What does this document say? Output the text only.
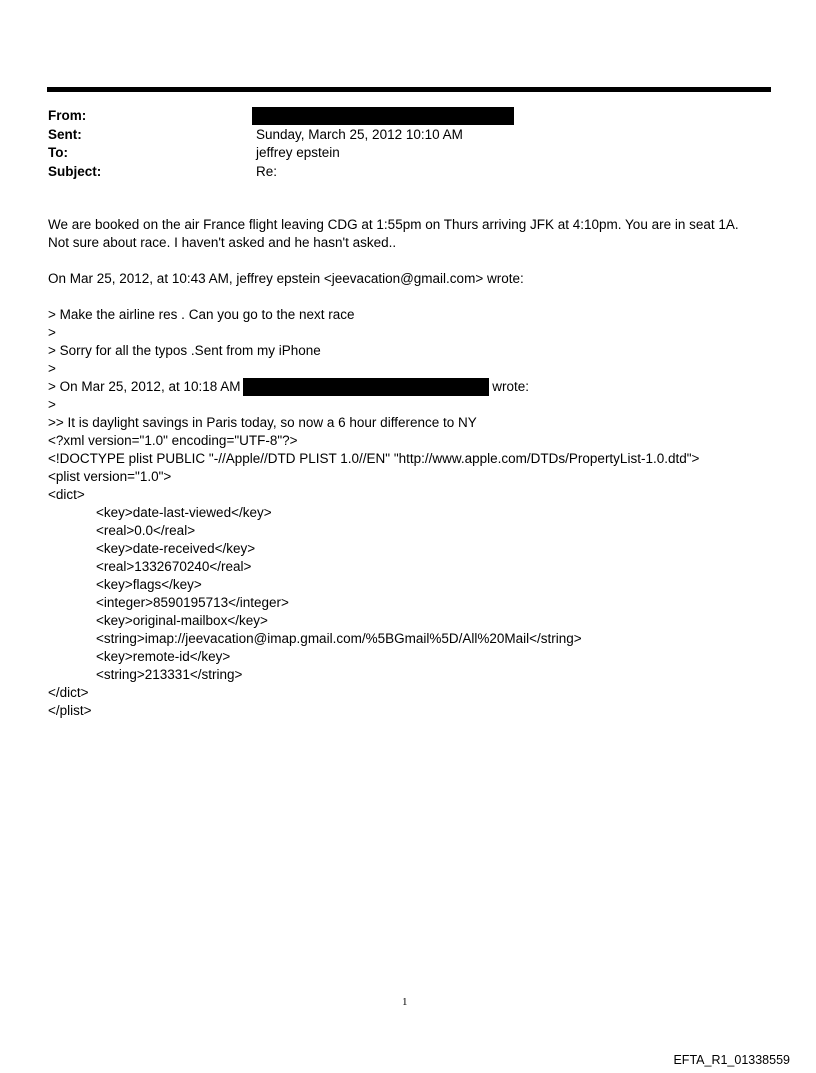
From:
Sent:	Sunday, March 25, 2012 10:10 AM
To:	jeffrey epstein
Subject:	Re:

We are booked on the air France flight leaving CDG at 1:55pm on Thurs arriving JFK at 4:10pm. You are in seat 1A.

Not sure about race. I haven't asked and he hasn't asked..

On Mar 25, 2012, at 10:43 AM, jeffrey epstein <jeevacation@gmail.com> wrote:

> Make the airline res . Can you go to the next race

>

> Sorry for all the typos .Sent from my iPhone

>

> On Mar 25, 2012, at 10:18 AM	wrote:

>

>> It is daylight savings in Paris today, so now a 6 hour difference to NY

<?xml version="1.0" encoding="UTF-8"?>

<!DOCTYPE plist PUBLIC "-//Apple//DTD PLIST 1.0//EN" "http://www.apple.com/DTDs/PropertyList-1.0.dtd">

<plist version="1.0">

<dict>

<key>date-last-viewed</key>

<real>0.0</real>

<key>date-received</key>

<real>1332670240</real>

<key>flags</key>

<integer>8590195713</integer>

<key>original-mailbox</key>

<string>imap://jeevacation@imap.gmail.com/%5BGmail%5D/All%20Mail</string>

<key>remote-id</key>

<string>213331</string>

</dict>

</plist>

1
EFTA_R1_01338559
